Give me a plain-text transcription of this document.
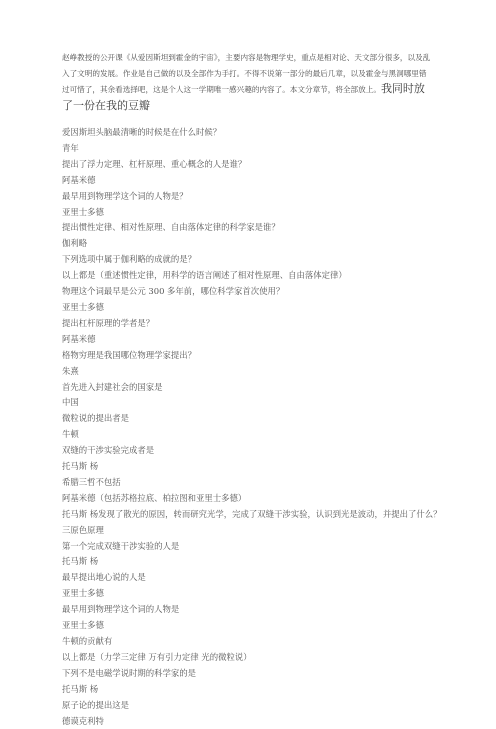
赵峥教授的公开课《从爱因斯坦到霍金的宇宙》，主要内容是物理学史，重点是相对论、天文部分很多，以及乱入了文明的发展。作业是自己做的以及全部作为手打。不得不说第一部分的最后几章，以及霍金与黑洞哪里错过可惜了，其余看选择吧，这是个人这一学期唯一感兴趣的内容了。本文分章节，将全部放上。我同时放了一份在我的豆瓣
爱因斯坦头脑最清晰的时候是在什么时候？
青年
提出了浮力定理、杠杆原理、重心概念的人是谁？
阿基米德
最早用到物理学这个词的人物是？
亚里士多德
提出惯性定律、相对性原理、自由落体定律的科学家是谁？
伽利略
下列选项中属于伽利略的成就的是？
以上都是（重述惯性定律，用科学的语言阐述了相对性原理、自由落体定律）
物理这个词最早是公元 300 多年前，哪位科学家首次使用？
亚里士多德
提出杠杆原理的学者是？
阿基米德
格物穷理是我国哪位物理学家提出？
朱熹
首先进入封建社会的国家是
中国
微粒说的提出者是
牛顿
双缝的干涉实验完成者是
托马斯 杨
希腊三哲不包括
阿基米德（包括苏格拉底、柏拉图和亚里士多德）
托马斯 杨发现了散光的原因，转而研究光学，完成了双缝干涉实验，认识到光是波动，并提出了什么？
三原色原理
第一个完成双缝干涉实验的人是
托马斯 杨
最早提出地心说的人是
亚里士多德
最早用到物理学这个词的人物是
亚里士多德
牛顿的贡献有
以上都是（力学三定律 万有引力定律 光的微粒说）
下列不是电磁学说时期的科学家的是
托马斯 杨
原子论的提出这是
德谟克利特
